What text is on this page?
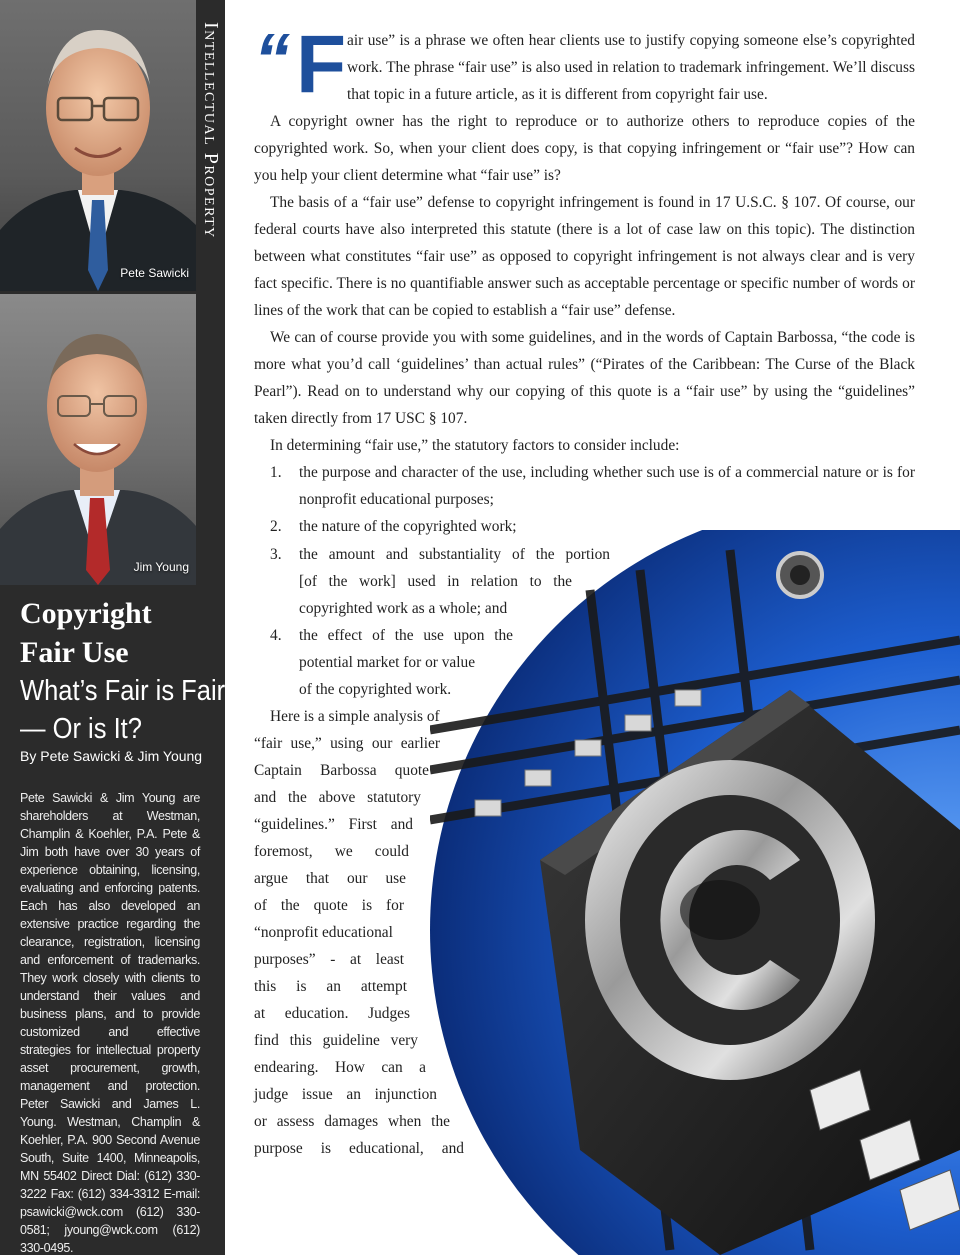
Pete Sawicki
Jim Young
Intellectual Property
Copyright
Fair Use
What’s Fair is Fair
— Or is It?
By Pete Sawicki & Jim Young
Pete Sawicki & Jim Young are shareholders at Westman, Champlin & Koehler, P.A. Pete & Jim both have over 30 years of experience obtaining, licensing, evaluating and enforcing patents. Each has also developed an extensive practice regarding the clearance, registration, licensing and enforcement of trademarks. They work closely with clients to understand their values and business plans, and to provide customized and effective strategies for intellectual property asset procurement, growth, management and protection. Peter Sawicki and James L. Young. Westman, Champlin & Koehler, P.A. 900 Second Avenue South, Suite 1400, Minneapolis, MN 55402 Direct Dial: (612) 330-3222 Fax: (612) 334-3312 E-mail: psawicki@wck.com (612) 330-0581; jyoung@wck.com (612) 330-0495.
“ F air use” is a phrase we often hear clients use to justify copying someone else’s copyrighted work. The phrase “fair use” is also used in relation to trademark infringement. We’ll discuss that topic in a future article, as it is different from copyright fair use.

A copyright owner has the right to reproduce or to authorize others to reproduce copies of the copyrighted work. So, when your client does copy, is that copying infringement or “fair use”? How can you help your client determine what “fair use” is?

The basis of a “fair use” defense to copyright infringement is found in 17 U.S.C. § 107. Of course, our federal courts have also interpreted this statute (there is a lot of case law on this topic). The distinction between what constitutes “fair use” as opposed to copyright infringement is not always clear and is very fact specific. There is no quantifiable answer such as acceptable percentage or specific number of words or lines of the work that can be copied to establish a “fair use” defense.

We can of course provide you with some guidelines, and in the words of Captain Barbossa, “the code is more what you’d call ‘guidelines’ than actual rules” (“Pirates of the Caribbean: The Curse of the Black Pearl”). Read on to understand why our copying of this quote is a “fair use” by using the “guidelines” taken directly from 17 USC § 107.

In determining “fair use,” the statutory factors to consider include:

1. the purpose and character of the use, including whether such use is of a commercial nature or is for nonprofit educational purposes;
2. the nature of the copyrighted work;
3. the amount and substantiality of the portion
[of the work] used in relation to the
copyrighted work as a whole; and
4. the effect of the use upon the
potential market for or value
of the copyrighted work.
Here is a simple analysis of
“fair use,” using our earlier
Captain Barbossa quote
and the above statutory
“guidelines.” First and
foremost, we could
argue that our use
of the quote is for
“nonprofit educational
purposes” - at least
this is an attempt
at education. Judges
find this guideline very
endearing. How can a
judge issue an injunction
or assess damages when the
purpose is educational, and
